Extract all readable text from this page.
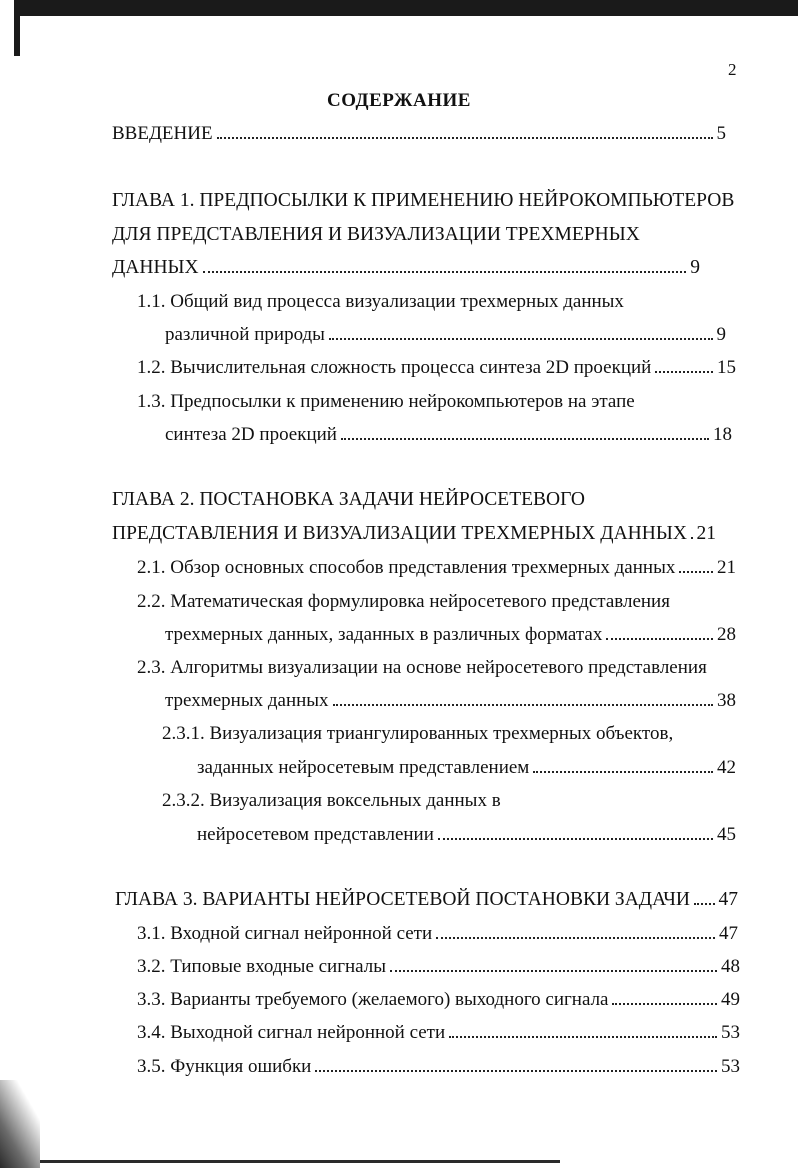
2
СОДЕРЖАНИЕ
ВВЕДЕНИЕ	5
ГЛАВА 1. ПРЕДПОСЫЛКИ К ПРИМЕНЕНИЮ НЕЙРОКОМПЬЮТЕРОВ
ДЛЯ ПРЕДСТАВЛЕНИЯ И ВИЗУАЛИЗАЦИИ ТРЕХМЕРНЫХ
ДАННЫХ	9
1.1. Общий вид процесса визуализации трехмерных данных
различной природы	9
1.2. Вычислительная сложность процесса синтеза 2D проекций	15
1.3. Предпосылки к применению нейрокомпьютеров на этапе
синтеза 2D проекций	18
ГЛАВА 2. ПОСТАНОВКА ЗАДАЧИ НЕЙРОСЕТЕВОГО
ПРЕДСТАВЛЕНИЯ И ВИЗУАЛИЗАЦИИ ТРЕХМЕРНЫХ ДАННЫХ 21
2.1. Обзор основных способов представления трехмерных данных 21
2.2. Математическая формулировка нейросетевого представления
трехмерных данных, заданных в различных форматах	28
2.3. Алгоритмы визуализации на основе нейросетевого представления
трехмерных данных	38
2.3.1. Визуализация триангулированных трехмерных объектов,
заданных нейросетевым представлением	42
2.3.2. Визуализация воксельных данных в
нейросетевом представлении	45
ГЛАВА 3. ВАРИАНТЫ НЕЙРОСЕТЕВОЙ ПОСТАНОВКИ ЗАДАЧИ 47
3.1. Входной сигнал нейронной сети	47
3.2. Типовые входные сигналы	48
3.3. Варианты требуемого (желаемого) выходного сигнала	49
3.4. Выходной сигнал нейронной сети	53
3.5. Функция ошибки	53
